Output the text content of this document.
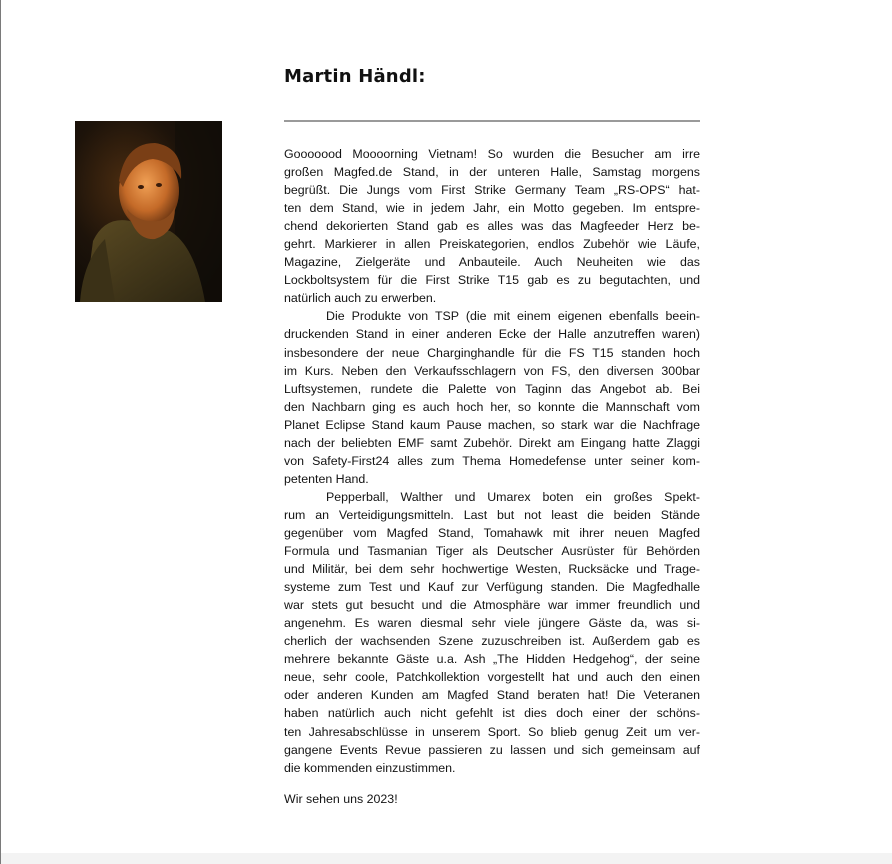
Martin Händl:
Gooooood Moooorning Vietnam! So wurden die Besucher am irre
großen Magfed.de Stand, in der unteren Halle, Samstag morgens
begrüßt. Die Jungs vom First Strike Germany Team „RS-OPS“ hat-
ten dem Stand, wie in jedem Jahr, ein Motto gegeben. Im entspre-
chend dekorierten Stand gab es alles was das Magfeeder Herz be-
gehrt. Markierer in allen Preiskategorien, endlos Zubehör wie Läufe,
Magazine, Zielgeräte und Anbauteile. Auch Neuheiten wie das
Lockboltsystem für die First Strike T15 gab es zu begutachten, und
natürlich auch zu erwerben.
Die Produkte von TSP (die mit einem eigenen ebenfalls beein-
druckenden Stand in einer anderen Ecke der Halle anzutreffen waren)
insbesondere der neue Charginghandle für die FS T15 standen hoch
im Kurs. Neben den Verkaufsschlagern von FS, den diversen 300bar
Luftsystemen, rundete die Palette von Taginn das Angebot ab. Bei
den Nachbarn ging es auch hoch her, so konnte die Mannschaft vom
Planet Eclipse Stand kaum Pause machen, so stark war die Nachfrage
nach der beliebten EMF samt Zubehör. Direkt am Eingang hatte Zlaggi
von Safety-First24 alles zum Thema Homedefense unter seiner kom-
petenten Hand.
Pepperball, Walther und Umarex boten ein großes Spekt-
rum an Verteidigungsmitteln. Last but not least die beiden Stände
gegenüber vom Magfed Stand, Tomahawk mit ihrer neuen Magfed
Formula und Tasmanian Tiger als Deutscher Ausrüster für Behörden
und Militär, bei dem sehr hochwertige Westen, Rucksäcke und Trage-
systeme zum Test und Kauf zur Verfügung standen. Die Magfedhalle
war stets gut besucht und die Atmosphäre war immer freundlich und
angenehm. Es waren diesmal sehr viele jüngere Gäste da, was si-
cherlich der wachsenden Szene zuzuschreiben ist. Außerdem gab es
mehrere bekannte Gäste u.a. Ash „The Hidden Hedgehog“, der seine
neue, sehr coole, Patchkollektion vorgestellt hat und auch den einen
oder anderen Kunden am Magfed Stand beraten hat! Die Veteranen
haben natürlich auch nicht gefehlt ist dies doch einer der schöns-
ten Jahresabschlüsse in unserem Sport. So blieb genug Zeit um ver-
gangene Events Revue passieren zu lassen und sich gemeinsam auf
die kommenden einzustimmen.
Wir sehen uns 2023!
